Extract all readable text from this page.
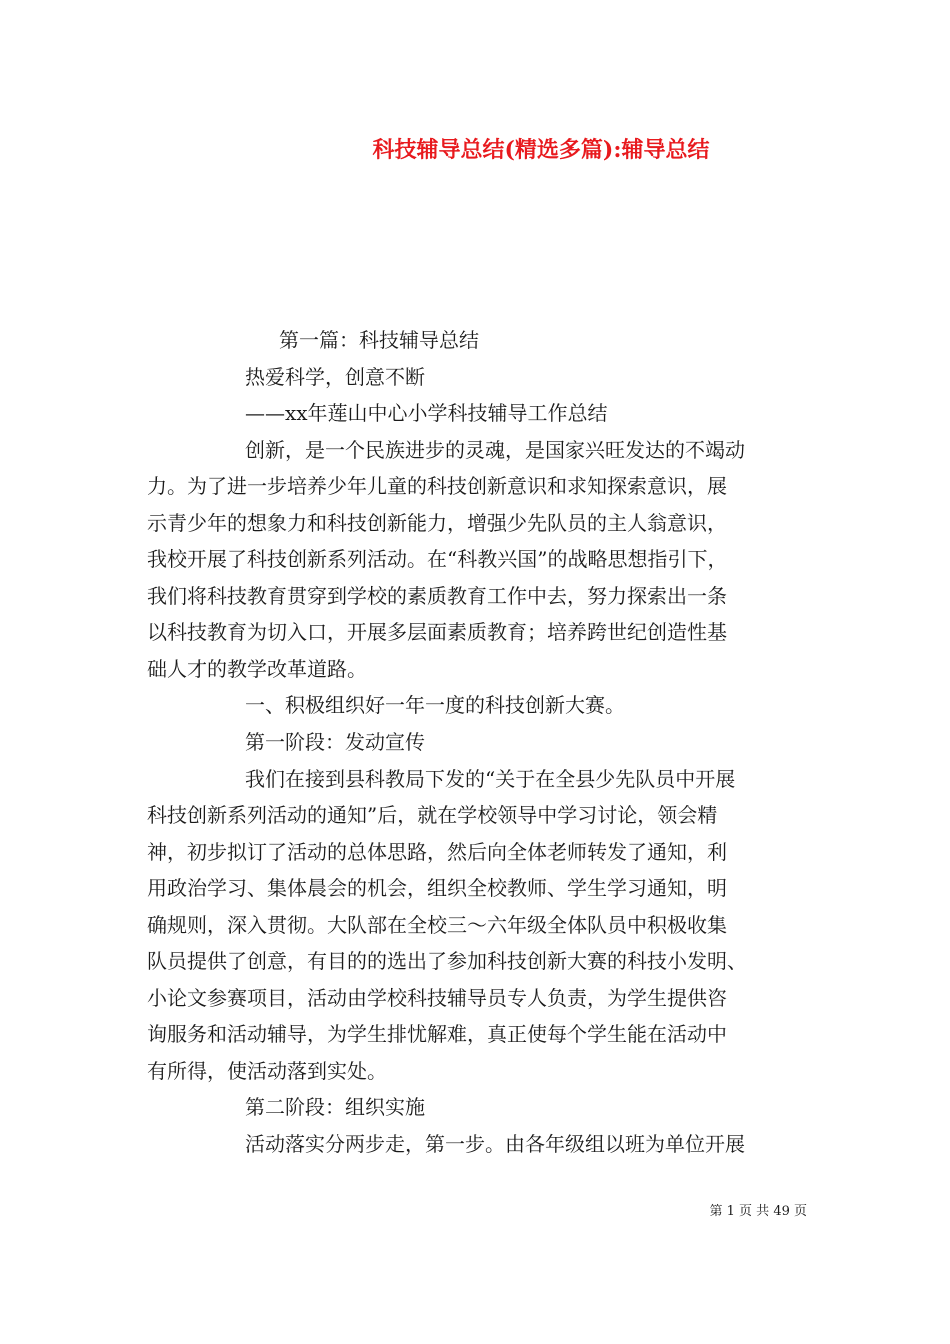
科技辅导总结(精选多篇):辅导总结

第一篇：科技辅导总结

热爱科学，创意不断

——xx年莲山中心小学科技辅导工作总结

创新，是一个民族进步的灵魂，是国家兴旺发达的不竭动

力。为了进一步培养少年儿童的科技创新意识和求知探索意识，展

示青少年的想象力和科技创新能力，增强少先队员的主人翁意识，

我校开展了科技创新系列活动。在“科教兴国”的战略思想指引下，

我们将科技教育贯穿到学校的素质教育工作中去，努力探索出一条

以科技教育为切入口，开展多层面素质教育；培养跨世纪创造性基

础人才的教学改革道路。

一、积极组织好一年一度的科技创新大赛。

第一阶段：发动宣传

我们在接到县科教局下发的“关于在全县少先队员中开展

科技创新系列活动的通知”后，就在学校领导中学习讨论，领会精

神，初步拟订了活动的总体思路，然后向全体老师转发了通知，利

用政治学习、集体晨会的机会，组织全校教师、学生学习通知，明

确规则，深入贯彻。大队部在全校三～六年级全体队员中积极收集

队员提供了创意，有目的的选出了参加科技创新大赛的科技小发明、

小论文参赛项目，活动由学校科技辅导员专人负责，为学生提供咨

询服务和活动辅导，为学生排忧解难，真正使每个学生能在活动中

有所得，使活动落到实处。

第二阶段：组织实施

活动落实分两步走，第一步。由各年级组以班为单位开展

第 1 页 共 49 页
